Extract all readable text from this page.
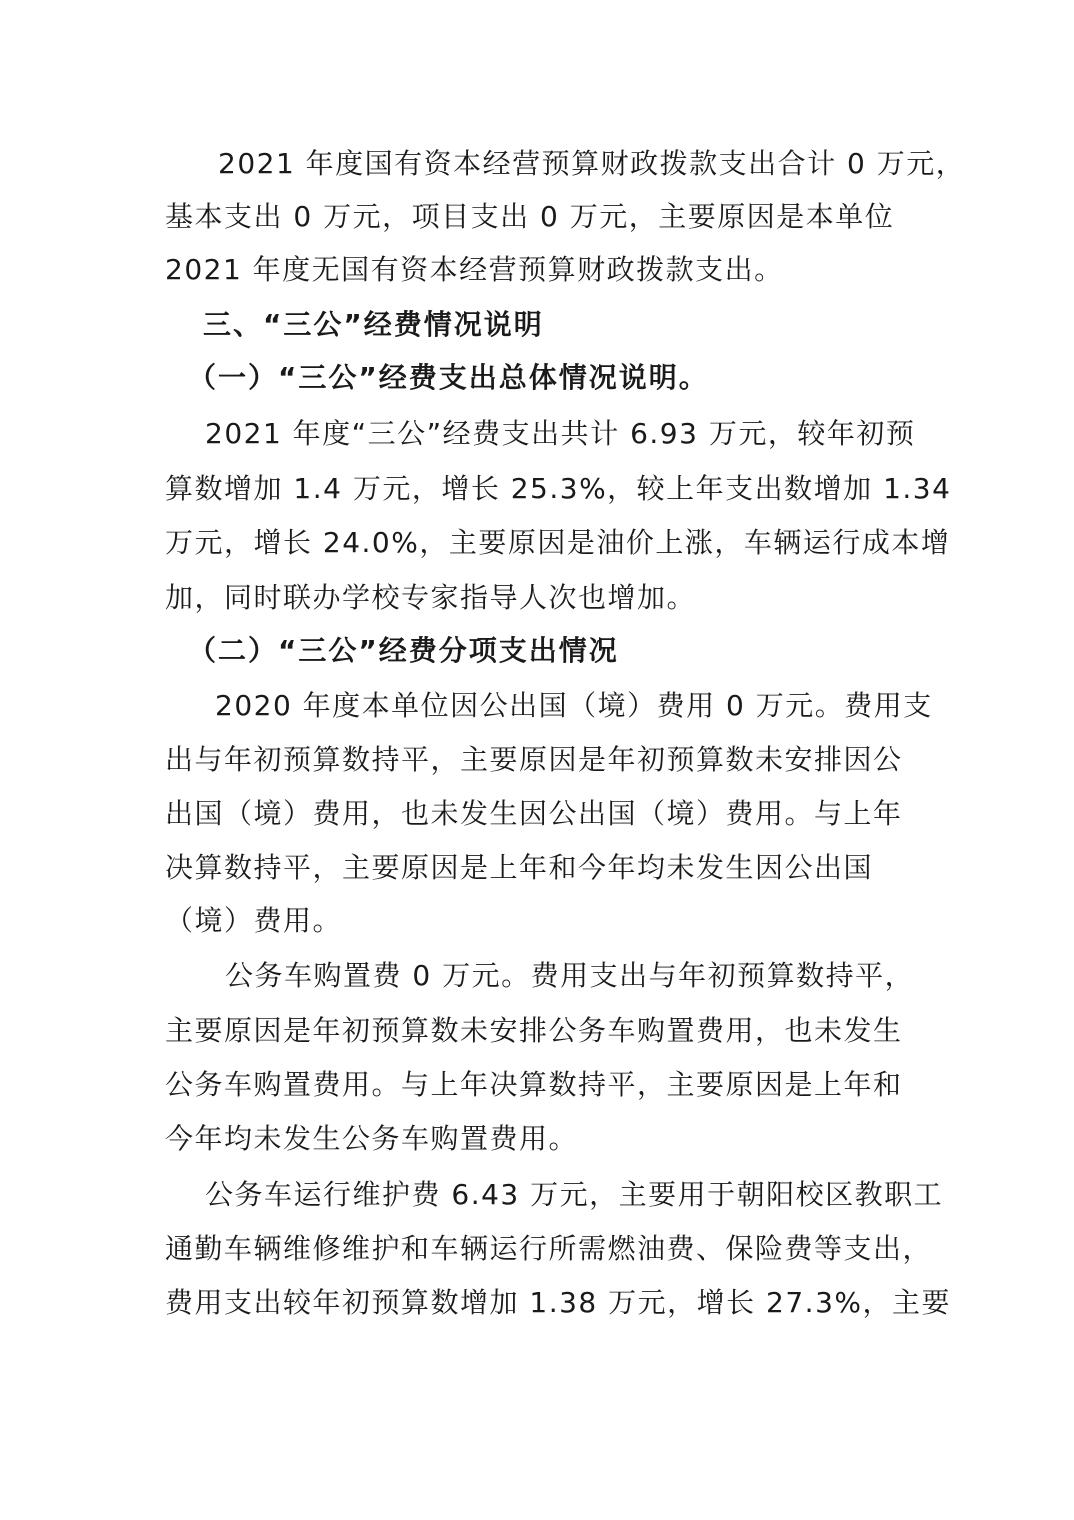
2021 年度国有资本经营预算财政拨款支出合计 0 万元，
基本支出 0 万元，项目支出 0 万元，主要原因是本单位
2021 年度无国有资本经营预算财政拨款支出。
三、“三公”经费情况说明
（一）“三公”经费支出总体情况说明。
2021 年度“三公”经费支出共计 6.93 万元，较年初预
算数增加 1.4 万元，增长 25.3%，较上年支出数增加 1.34
万元，增长 24.0%，主要原因是油价上涨，车辆运行成本增
加，同时联办学校专家指导人次也增加。
（二）“三公”经费分项支出情况
2020 年度本单位因公出国（境）费用 0 万元。费用支
出与年初预算数持平，主要原因是年初预算数未安排因公
出国（境）费用，也未发生因公出国（境）费用。与上年
决算数持平，主要原因是上年和今年均未发生因公出国
（境）费用。
公务车购置费 0 万元。费用支出与年初预算数持平，
主要原因是年初预算数未安排公务车购置费用，也未发生
公务车购置费用。与上年决算数持平，主要原因是上年和
今年均未发生公务车购置费用。
公务车运行维护费 6.43 万元，主要用于朝阳校区教职工
通勤车辆维修维护和车辆运行所需燃油费、保险费等支出，
费用支出较年初预算数增加 1.38 万元，增长 27.3%，主要
